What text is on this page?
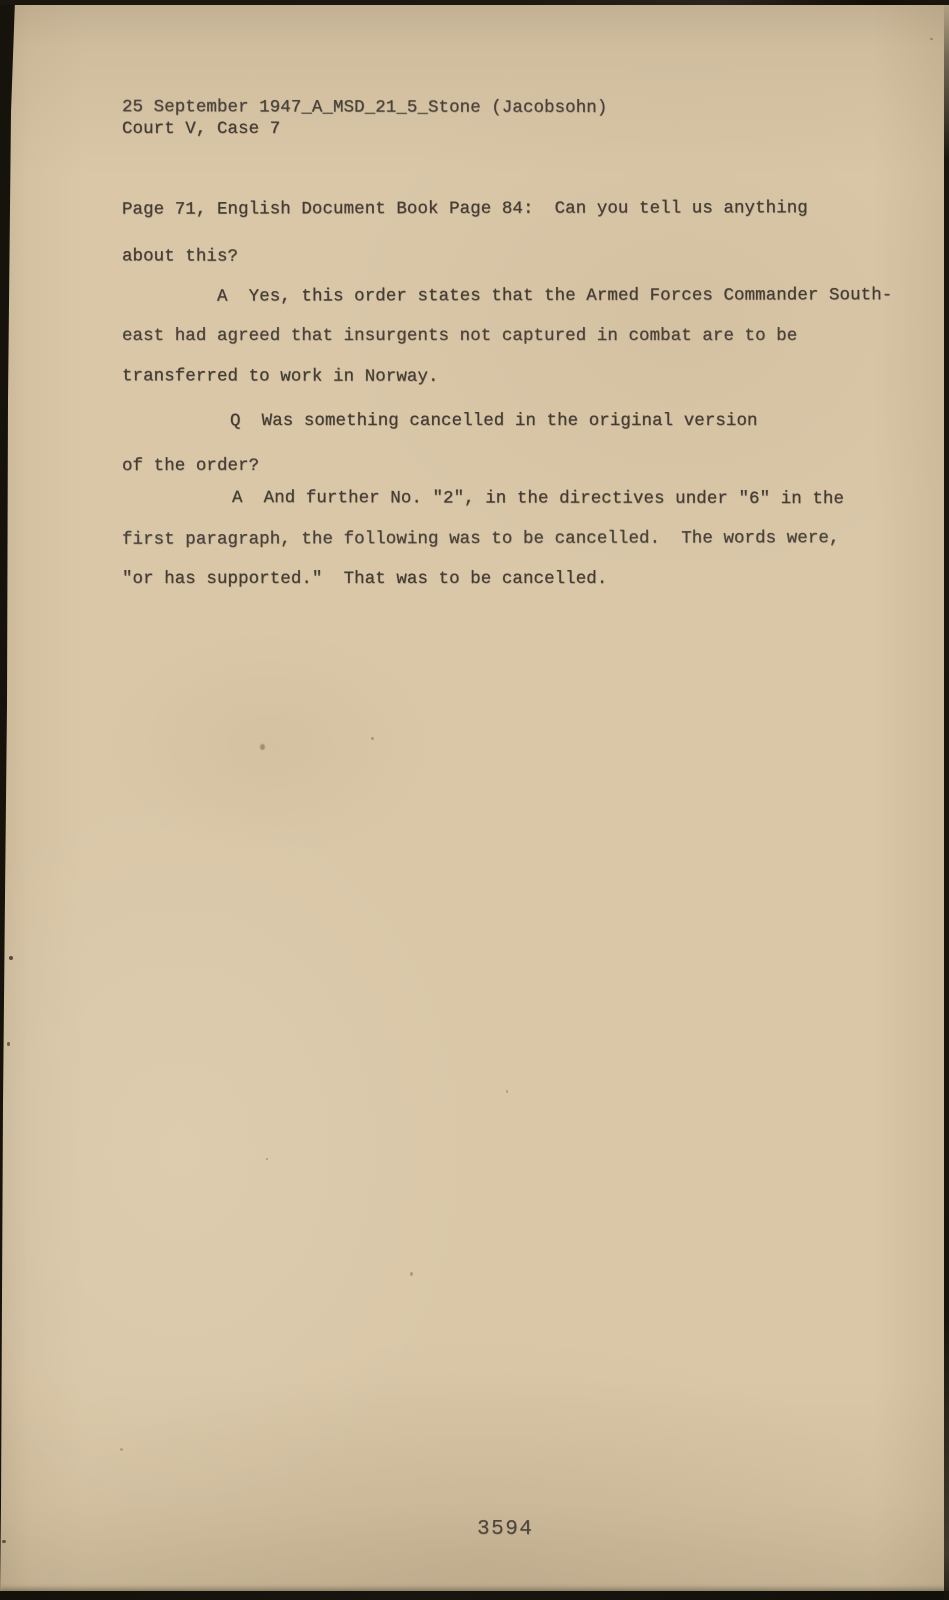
25 September 1947_A_MSD_21_5_Stone (Jacobsohn)
Court V, Case 7
Page 71, English Document Book Page 84:  Can you tell us anything
about this?
A  Yes, this order states that the Armed Forces Commander South-
east had agreed that insurgents not captured in combat are to be
transferred to work in Norway.
Q  Was something cancelled in the original version
of the order?
A  And further No. "2", in the directives under "6" in the
first paragraph, the following was to be cancelled.  The words were,
"or has supported."  That was to be cancelled.
3594
